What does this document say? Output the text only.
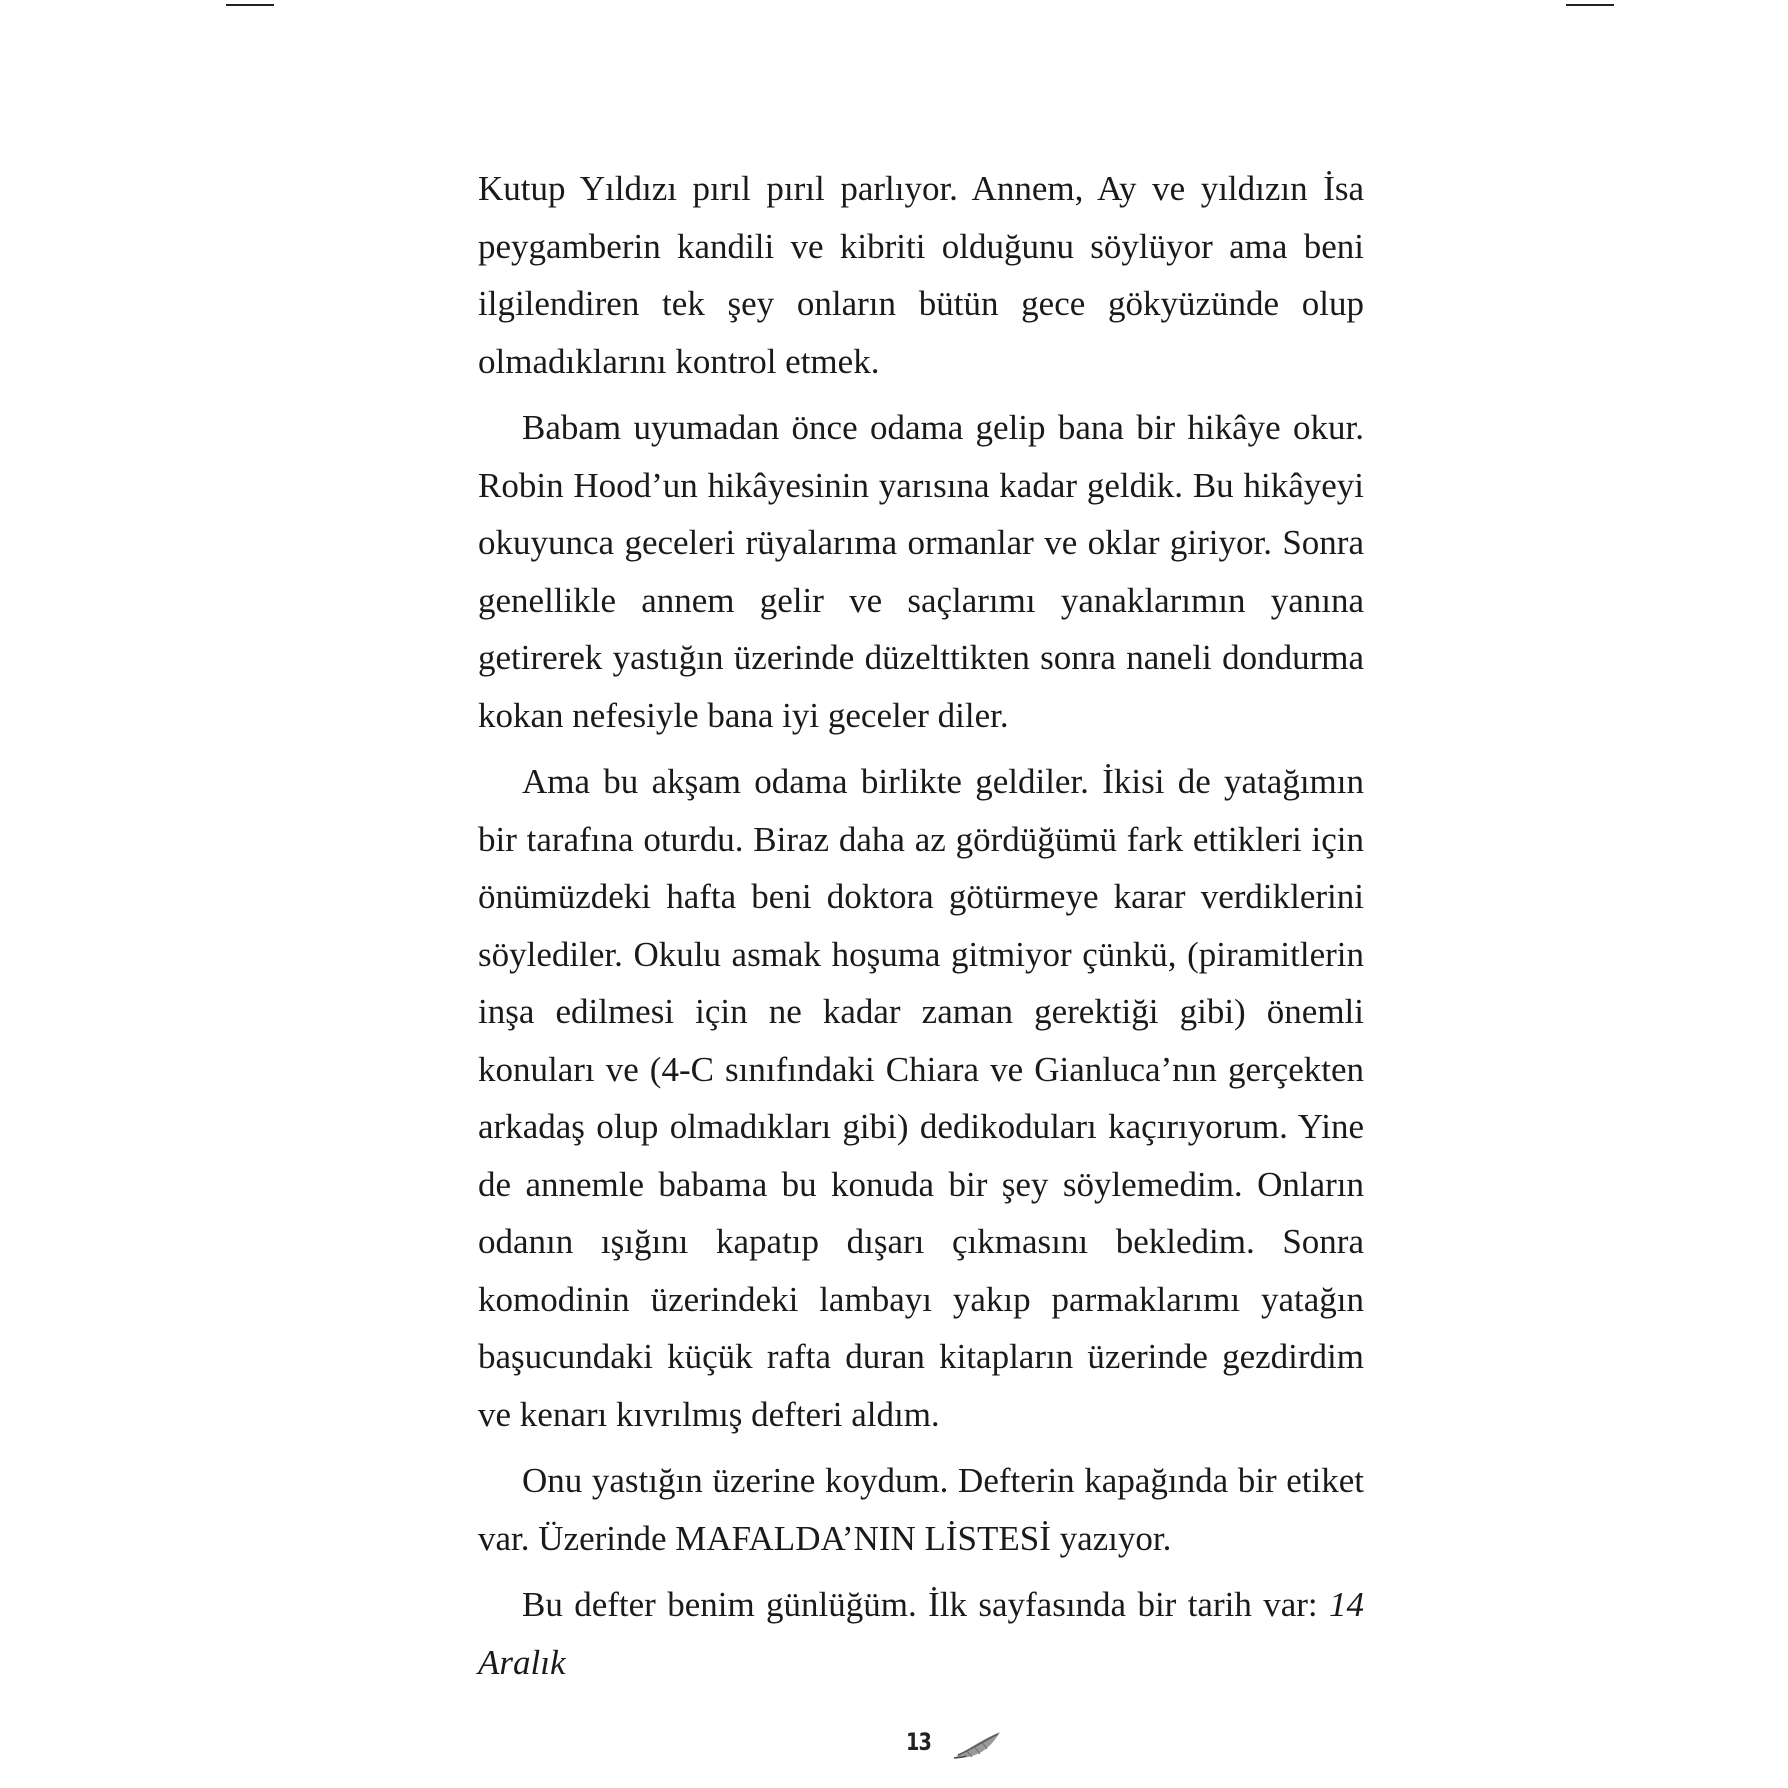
Kutup Yıldızı pırıl pırıl parlıyor. Annem, Ay ve yıldızın İsa peygamberin kandili ve kibriti olduğunu söylüyor ama beni ilgilendiren tek şey onların bütün gece gökyüzünde olup olmadıklarını kontrol etmek.

Babam uyumadan önce odama gelip bana bir hikâye okur. Robin Hood’un hikâyesinin yarısına kadar geldik. Bu hikâyeyi okuyunca geceleri rüyalarıma ormanlar ve oklar giriyor. Sonra genellikle annem gelir ve saçlarımı yanaklarımın yanına getirerek yastığın üzerinde düzelttikten sonra naneli dondurma kokan nefesiyle bana iyi geceler diler.

Ama bu akşam odama birlikte geldiler. İkisi de yatağımın bir tarafına oturdu. Biraz daha az gördüğümü fark ettikleri için önümüzdeki hafta beni doktora götürmeye karar verdiklerini söylediler. Okulu asmak hoşuma gitmiyor çünkü, (piramitlerin inşa edilmesi için ne kadar zaman gerektiği gibi) önemli konuları ve (4-C sınıfındaki Chiara ve Gianluca’nın gerçekten arkadaş olup olmadıkları gibi) dedikoduları kaçırıyorum. Yine de annemle babama bu konuda bir şey söylemedim. Onların odanın ışığını kapatıp dışarı çıkmasını bekledim. Sonra komodinin üzerindeki lambayı yakıp parmaklarımı yatağın başucundaki küçük rafta duran kitapların üzerinde gezdirdim ve kenarı kıvrılmış defteri aldım.

Onu yastığın üzerine koydum. Defterin kapağında bir etiket var. Üzerinde MAFALDA’NIN LİSTESİ yazıyor.

Bu defter benim günlüğüm. İlk sayfasında bir tarih var: 14 Aralık

13
